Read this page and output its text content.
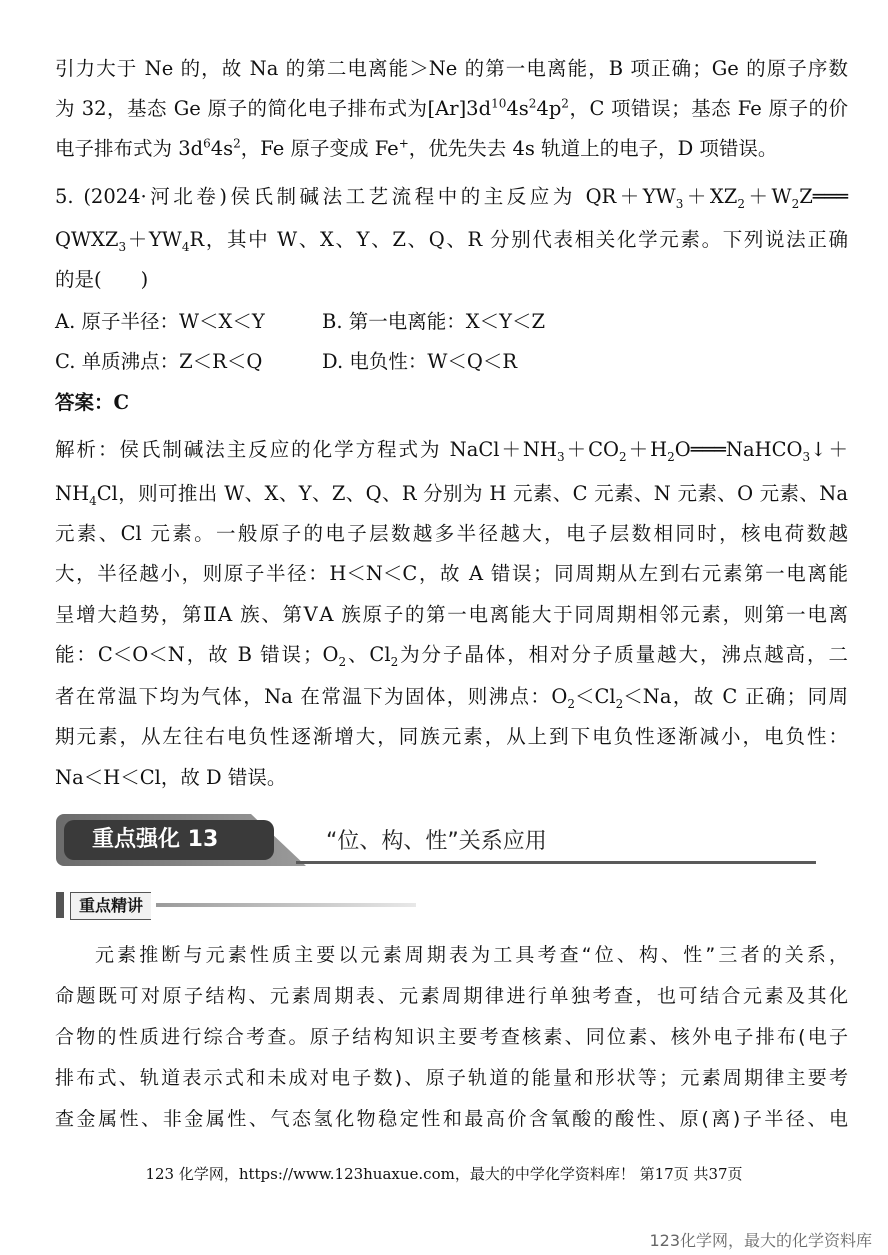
引力大于 Ne 的，故 Na 的第二电离能＞Ne 的第一电离能，B 项正确；Ge 的原子序数
为 32，基态 Ge 原子的简化电子排布式为$[Ar]3d^{10}4s^24p^2$，C 项错误；基态 Fe 原子的价
电子排布式为 $3d^64s^2$，Fe 原子变成 Fe+，优先失去 4s 轨道上的电子，D 项错误。
5. (2024·河北卷)侯氏制碱法工艺流程中的主反应为 $QR+YW_3+XZ_2+W_2Z═══$
$QWXZ_3+YW_4R$，其中 W、X、Y、Z、Q、R 分别代表相关化学元素。下列说法正确
的是(　　)
A. 原子半径：W＜X＜Y	B. 第一电离能：X＜Y＜Z
C. 单质沸点：Z＜R＜Q	D. 电负性：W＜Q＜R
答案：C
解析：侯氏制碱法主反应的化学方程式为 $NaCl+NH_3+CO_2+H_2O═══NaHCO_3↓+$
$NH_4Cl$，则可推出 W、X、Y、Z、Q、R 分别为 H 元素、C 元素、N 元素、O 元素、Na
元素、Cl 元素。一般原子的电子层数越多半径越大，电子层数相同时，核电荷数越
大，半径越小，则原子半径：H＜N＜C，故 A 错误；同周期从左到右元素第一电离能
呈增大趋势，第ⅡA 族、第ⅤA 族原子的第一电离能大于同周期相邻元素，则第一电离
能：C＜O＜N，故 B 错误；$O_2$、$Cl_2$为分子晶体，相对分子质量越大，沸点越高，二
者在常温下均为气体，Na 在常温下为固体，则沸点：$O_2<Cl_2<Na$，故 C 正确；同周
期元素，从左往右电负性逐渐增大，同族元素，从上到下电负性逐渐减小，电负性：
Na＜H＜Cl，故 D 错误。
重点强化 13	“位、构、性”关系应用
重点精讲
元素推断与元素性质主要以元素周期表为工具考查“位、构、性”三者的关系，
命题既可对原子结构、元素周期表、元素周期律进行单独考查，也可结合元素及其化
合物的性质进行综合考查。原子结构知识主要考查核素、同位素、核外电子排布(电子
排布式、轨道表示式和未成对电子数)、原子轨道的能量和形状等；元素周期律主要考
查金属性、非金属性、气态氢化物稳定性和最高价含氧酸的酸性、原(离)子半径、电
123 化学网，https://www.123huaxue.com，最大的中学化学资料库！ 第17页 共37页
123化学网，最大的化学资料库
